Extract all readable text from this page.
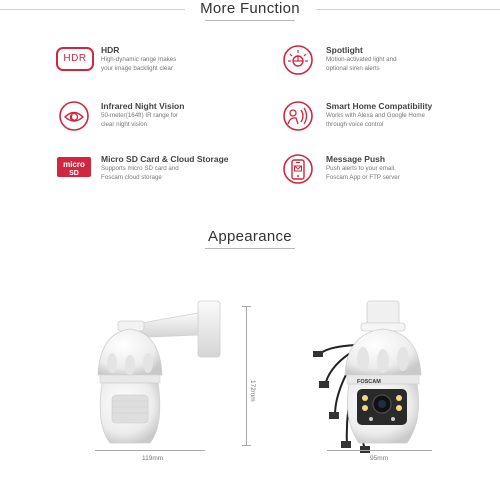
More Function
HDR
HDR
High-dynamic range makes
your image backlight clear
Spotlight
Motion-activated light and
optional siren alerts
Infrared Night Vision
50-meter(164ft) IR range for
clear night vision
Smart Home Compatibility
Works with Alexa and Google Home
through voice control
micro
SD
Micro SD Card & Cloud Storage
Supports micro SD card and
Foscam cloud storage
Message Push
Push alerts to your email,
Foscam App or FTP server
Appearance
172mm
119mm
FOSCAM
95mm
